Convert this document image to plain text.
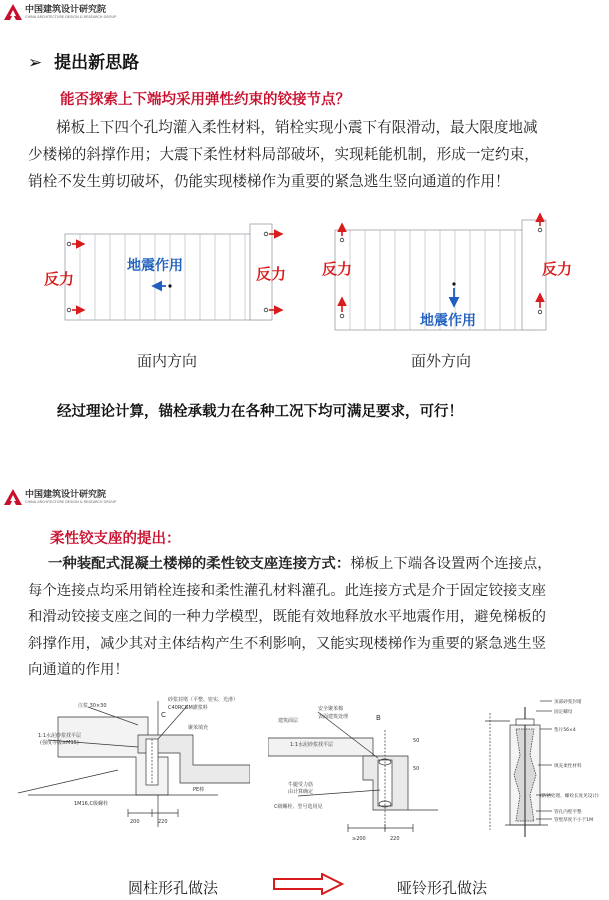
中国建筑设计研究院
CHINA ARCHITECTURE DESIGN & RESEARCH GROUP
➢ 提出新思路
能否探索上下端均采用弹性约束的铰接节点？
梯板上下四个孔均灌入柔性材料，销栓实现小震下有限滑动，最大限度地减
少楼梯的斜撑作用；大震下柔性材料局部破坏，实现耗能机制，形成一定约束，
销栓不发生剪切破坏，仍能实现楼梯作为重要的紧急逃生竖向通道的作用！
反力	反力
地震作用
面内方向
反力	反力
地震作用
面外方向
经过理论计算，锚栓承载力在各种工况下均可满足要求，可行！
中国建筑设计研究院
CHINA ARCHITECTURE DESIGN & RESEARCH GROUP
柔性铰支座的提出：
一种装配式混凝土楼梯的柔性铰支座连接方式：梯板上下端各设置两个连接点，
每个连接点均采用销栓连接和柔性灌孔材料灌孔。此连接方式是介于固定铰接支座
和滑动铰接支座之间的一种力学模型，既能有效地释放水平地震作用，避免梯板的
斜撑作用，减少其对主体结构产生不利影响，又能实现楼梯作为重要的紧急逃生竖
向通道的作用！
注浆 30×30
砂浆封堵（平整、密实、光滑）
C40RCGM灌浆料
聚苯填充
1:1水泥砂浆找平层
(强度等级≥M15)
PE棒
1M16,C级螺栓
200	220
C
圆柱形孔做法
建筑面层
安全聚苯棉
表面建筑处理
1:1水泥砂浆找平层
牛腿受力筋
由计算确定
C级螺栓、型号选用见
≥200	220
50
50
B
哑铃形孔做法
顶部砂浆封堵
固定螺母
垫片56×4
填充柔性材料
(防锈处理、螺栓长度见设计)
管孔内壁平整
管壁厚度不小于1M
